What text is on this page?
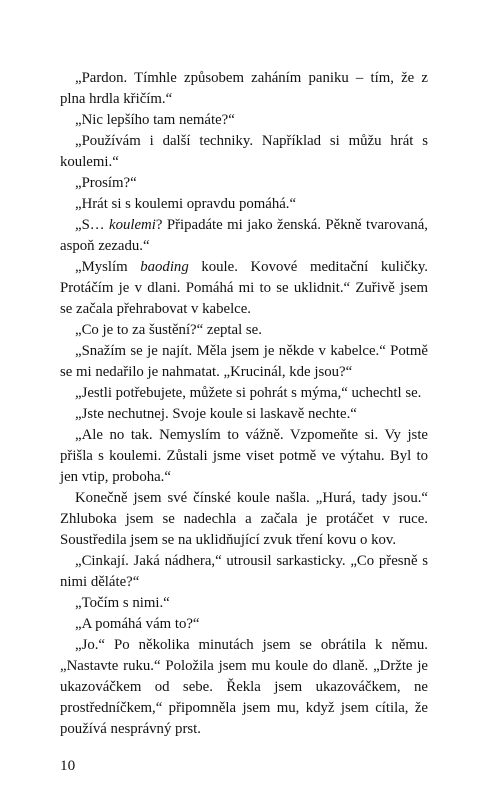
„Pardon. Tímhle způsobem zaháním paniku – tím, že z plna hrdla křičím.“

„Nic lepšího tam nemáte?“

„Používám i další techniky. Například si můžu hrát s koulemi.“

„Prosím?“

„Hrát si s koulemi opravdu pomáhá.“

„S… koulemi? Připadáte mi jako ženská. Pěkně tvarovaná, aspoň zezadu.“

„Myslím baoding koule. Kovové meditační kuličky. Protáčím je v dlani. Pomáhá mi to se uklidnit.“ Zuřivě jsem se začala přehrabovat v kabelce.

„Co je to za šustění?“ zeptal se.

„Snažím se je najít. Měla jsem je někde v kabelce.“ Potmě se mi nedařilo je nahmatat. „Krucinál, kde jsou?“

„Jestli potřebujete, můžete si pohrát s mýma,“ uchechtl se.

„Jste nechutnej. Svoje koule si laskavě nechte.“

„Ale no tak. Nemyslím to vážně. Vzpomeňte si. Vy jste přišla s koulemi. Zůstali jsme viset potmě ve výtahu. Byl to jen vtip, proboha.“

Konečně jsem své čínské koule našla. „Hurá, tady jsou.“ Zhluboka jsem se nadechla a začala je protáčet v ruce. Soustředila jsem se na uklidňující zvuk tření kovu o kov.

„Cinkají. Jaká nádhera,“ utrousil sarkasticky. „Co přesně s nimi děláte?“

„Točím s nimi.“

„A pomáhá vám to?“

„Jo.“ Po několika minutách jsem se obrátila k němu. „Nastavte ruku.“ Položila jsem mu koule do dlaně. „Držte je ukazováčkem od sebe. Řekla jsem ukazováčkem, ne prostředníčkem,“ připomněla jsem mu, když jsem cítila, že používá nesprávný prst.

10
